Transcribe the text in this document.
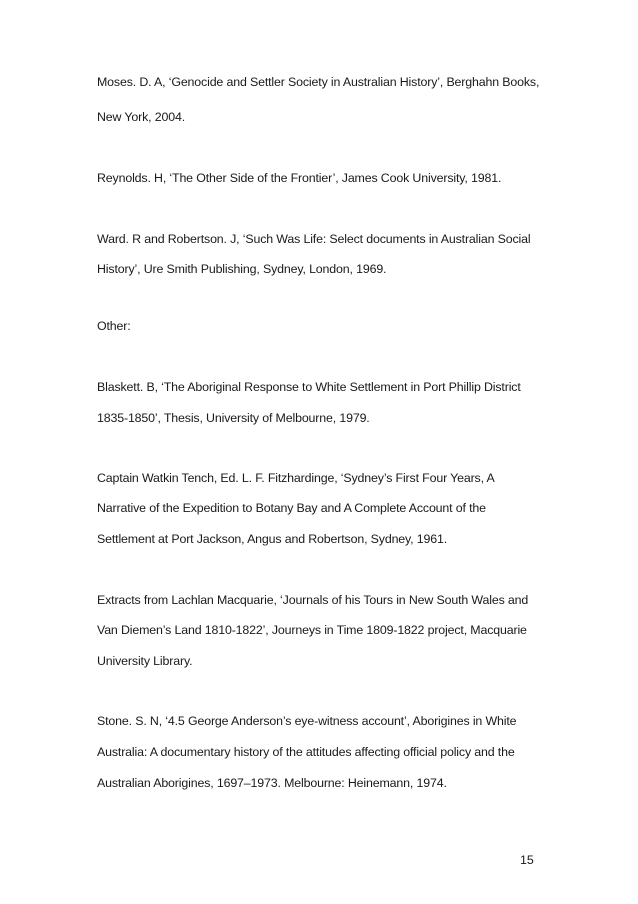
Moses. D. A, ‘Genocide and Settler Society in Australian History’, Berghahn Books,
New York, 2004.
Reynolds. H, ‘The Other Side of the Frontier’, James Cook University, 1981.
Ward. R and Robertson. J, ‘Such Was Life: Select documents in Australian Social
History’, Ure Smith Publishing, Sydney, London, 1969.
Other:
Blaskett. B, ‘The Aboriginal Response to White Settlement in Port Phillip District
1835-1850’, Thesis, University of Melbourne, 1979.
Captain Watkin Tench, Ed. L. F. Fitzhardinge, ‘Sydney’s First Four Years, A
Narrative of the Expedition to Botany Bay and A Complete Account of the
Settlement at Port Jackson, Angus and Robertson, Sydney, 1961.
Extracts from Lachlan Macquarie, ‘Journals of his Tours in New South Wales and
Van Diemen’s Land 1810-1822’, Journeys in Time 1809-1822 project, Macquarie
University Library.
Stone. S. N, ‘4.5 George Anderson’s eye-witness account’, Aborigines in White
Australia: A documentary history of the attitudes affecting official policy and the
Australian Aborigines, 1697–1973. Melbourne: Heinemann, 1974.
15
